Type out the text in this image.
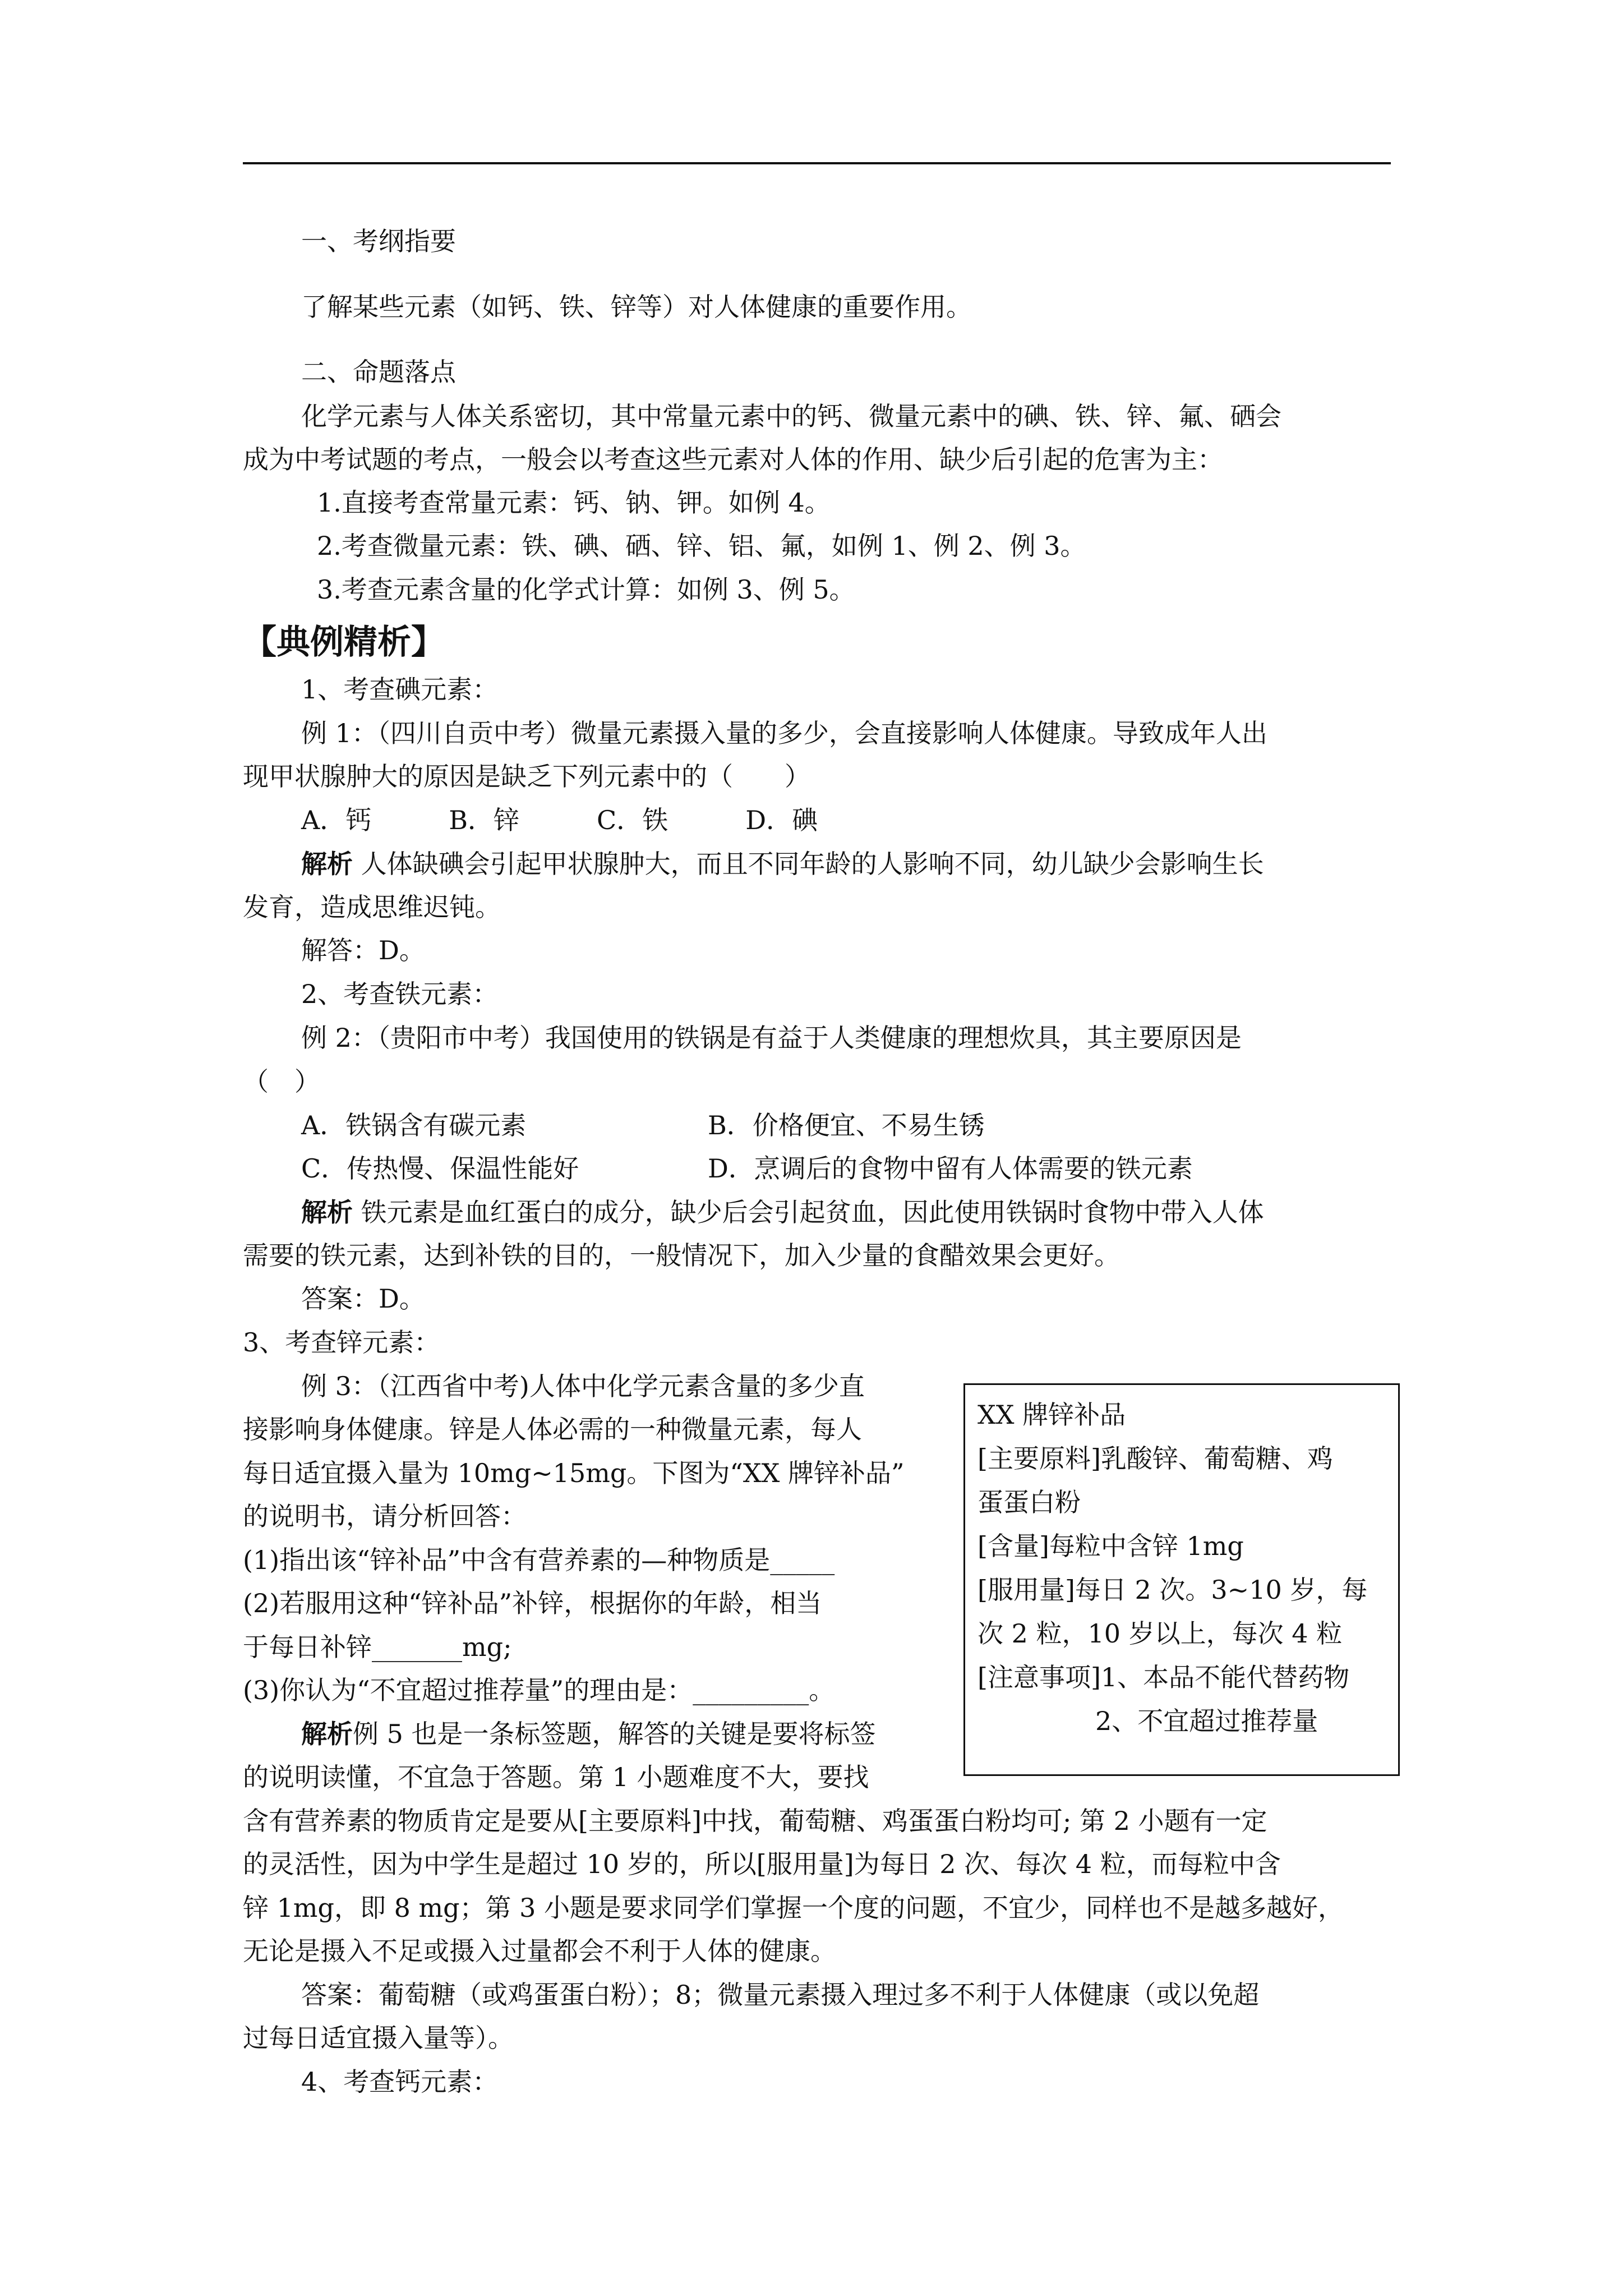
一、考纲指要
了解某些元素（如钙、铁、锌等）对人体健康的重要作用。
二、命题落点
化学元素与人体关系密切，其中常量元素中的钙、微量元素中的碘、铁、锌、氟、硒会
成为中考试题的考点，一般会以考查这些元素对人体的作用、缺少后引起的危害为主：
1.直接考查常量元素：钙、钠、钾。如例 4。
2.考查微量元素：铁、碘、硒、锌、铝、氟，如例 1、例 2、例 3。
3.考查元素含量的化学式计算：如例 3、例 5。
【典例精析】
1、考查碘元素：
例 1：（四川自贡中考）微量元素摄入量的多少，会直接影响人体健康。导致成年人出
现甲状腺肿大的原因是缺乏下列元素中的（　　）
A．钙　　　B．锌　　　C．铁　　　D．碘
解析 人体缺碘会引起甲状腺肿大，而且不同年龄的人影响不同，幼儿缺少会影响生长
发育，造成思维迟钝。
解答：D。
2、考查铁元素：
例 2：（贵阳市中考）我国使用的铁锅是有益于人类健康的理想炊具，其主要原因是
（　）
A．铁锅含有碳元素	B．价格便宜、不易生锈
C．传热慢、保温性能好	D．烹调后的食物中留有人体需要的铁元素
解析 铁元素是血红蛋白的成分，缺少后会引起贫血，因此使用铁锅时食物中带入人体
需要的铁元素，达到补铁的目的，一般情况下，加入少量的食醋效果会更好。
答案：D。
3、考查锌元素：
例 3：（江西省中考)人体中化学元素含量的多少直
接影响身体健康。锌是人体必需的一种微量元素，每人
每日适宜摄入量为 10mg~15mg。下图为“XX 牌锌补品”
的说明书，请分析回答：
(1)指出该“锌补品”中含有营养素的—种物质是_____
(2)若服用这种“锌补品”补锌，根据你的年龄，相当
于每日补锌_______mg;
(3)你认为“不宜超过推荐量”的理由是：_________。
解析例 5 也是一条标签题，解答的关键是要将标签
的说明读懂，不宜急于答题。第 1 小题难度不大，要找
含有营养素的物质肯定是要从[主要原料]中找，葡萄糖、鸡蛋蛋白粉均可; 第 2 小题有一定
的灵活性，因为中学生是超过 10 岁的，所以[服用量]为每日 2 次、每次 4 粒，而每粒中含
锌 1mg，即 8 mg；第 3 小题是要求同学们掌握一个度的问题，不宜少，同样也不是越多越好，
无论是摄入不足或摄入过量都会不利于人体的健康。
答案：葡萄糖（或鸡蛋蛋白粉）；8；微量元素摄入理过多不利于人体健康（或以免超
过每日适宜摄入量等）。
4、考查钙元素：
XX 牌锌补品
[主要原料]乳酸锌、葡萄糖、鸡
蛋蛋白粉
[含量]每粒中含锌 1mg
[服用量]每日 2 次。3~10 岁，每
次 2 粒，10 岁以上，每次 4 粒
[注意事项]1、本品不能代替药物
2、不宜超过推荐量
